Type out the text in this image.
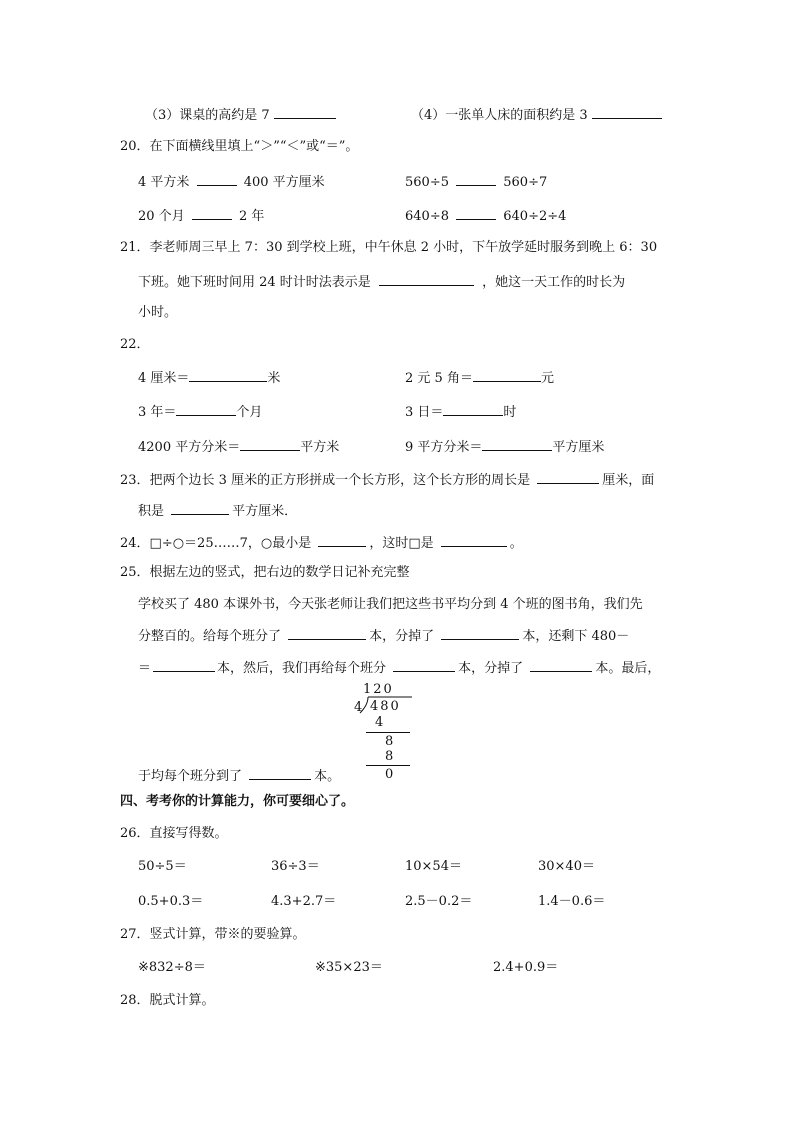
（3）课桌的高约是 7	（4）一张单人床的面积约是 3
20．在下面横线里填上“＞”“＜”或“＝”。
4 平方米	400 平方厘米	560÷5	560÷7
20 个月	2 年	640÷8	640÷2÷4
21．李老师周三早上 7：30 到学校上班，中午休息 2 小时，下午放学延时服务到晚上 6：30
下班。她下班时间用 24 时计时法表示是	，她这一天工作的时长为
小时。
22．
4 厘米＝	米	2 元 5 角＝	元
3 年＝	个月	3 日＝	时
4200 平方分米＝	平方米	9 平方分米＝	平方厘米
23．把两个边长 3 厘米的正方形拼成一个长方形，这个长方形的周长是	厘米，面
积是	平方厘米．
24．□÷○＝25……7，○最小是	，这时□是	。
25．根据左边的竖式，把右边的数学日记补充完整
学校买了 480 本课外书，今天张老师让我们把这些书平均分到 4 个班的图书角，我们先
分整百的。给每个班分了	本，分掉了	本，还剩下 480－
＝	本，然后，我们再给每个班分	本，分掉了	本。最后，
120
4 480
4
8
8
0
于均每个班分到了	本。
四、考考你的计算能力，你可要细心了。
26．直接写得数。
50÷5＝	36÷3＝	10×54＝	30×40＝
0.5+0.3＝	4.3+2.7＝	2.5－0.2＝	1.4－0.6＝
27．竖式计算，带※的要验算。
※832÷8＝	※35×23＝	2.4+0.9＝
28．脱式计算。
